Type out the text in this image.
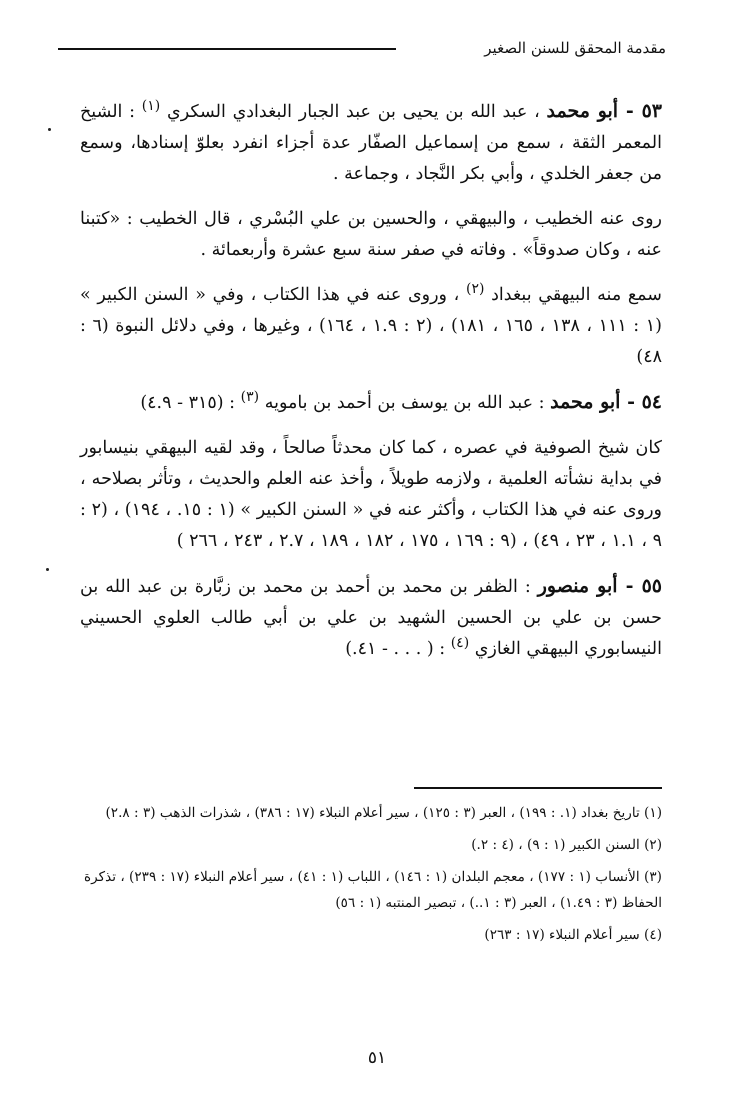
مقدمة المحقق للسنن الصغير

٥٣ - أبو محمد ، عبد الله بن يحيى بن عبد الجبار البغدادي السكري $^{(١)}$ : الشيخ المعمر الثقة ، سمع من إسماعيل الصفّار عدة أجزاء انفرد بعلوّ إسنادها، وسمع من جعفر الخلدي ، وأبي بكر النَّجاد ، وجماعة .

روى عنه الخطيب ، والبيهقي ، والحسين بن علي البُسْري ، قال الخطيب : «كتبنا عنه ، وكان صدوقاً» . وفاته في صفر سنة سبع عشرة وأربعمائة .

سمع منه البيهقي ببغداد $^{(٢)}$ ، وروى عنه في هذا الكتاب ، وفي « السنن الكبير » (١ : ١١١ ، ١٣٨ ، ١٦٥ ، ١٨١) ، (٢ : ١.٩ ، ١٦٤) ، وغيرها ، وفي دلائل النبوة (٦ : ٤٨)

٥٤ - أبو محمد : عبد الله بن يوسف بن أحمد بن بامويه $^{(٣)}$ : (٣١٥ - ٤.٩)

كان شيخ الصوفية في عصره ، كما كان محدثاً صالحاً ، وقد لقيه البيهقي بنيسابور في بداية نشأته العلمية ، ولازمه طويلاً ، وأخذ عنه العلم والحديث ، وتأثر بصلاحه ، وروى عنه في هذا الكتاب ، وأكثر عنه في « السنن الكبير » (١ : ١٥. ، ١٩٤) ، (٢ : ٩ ، ١.١ ، ٢٣ ، ٤٩) ، (٩ : ١٦٩ ، ١٧٥ ، ١٨٢ ، ١٨٩ ، ٢.٧ ، ٢٤٣ ، ٢٦٦ )

٥٥ - أبو منصور : الظفر بن محمد بن أحمد بن محمد بن زبَّارة بن عبد الله بن حسن بن علي بن الحسين الشهيد بن علي بن أبي طالب العلوي الحسيني النيسابوري البيهقي الغازي $^{(٤)}$ : ( . . . - ٤١.)

(١) تاريخ بغداد (١. : ١٩٩) ، العبر (٣ : ١٢٥) ، سير أعلام النبلاء (١٧ : ٣٨٦) ، شذرات الذهب (٣ : ٢.٨)

(٢) السنن الكبير (١ : ٩) ، (٤ : ٢.)

(٣) الأنساب (١ : ١٧٧) ، معجم البلدان (١ : ١٤٦) ، اللباب (١ : ٤١) ، سير أعلام النبلاء (١٧ : ٢٣٩) ، تذكرة الحفاظ (٣ : ١.٤٩) ، العبر (٣ : ١..) ، تبصير المنتبه (١ : ٥٦)

(٤) سير أعلام النبلاء (١٧ : ٢٦٣)

٥١
